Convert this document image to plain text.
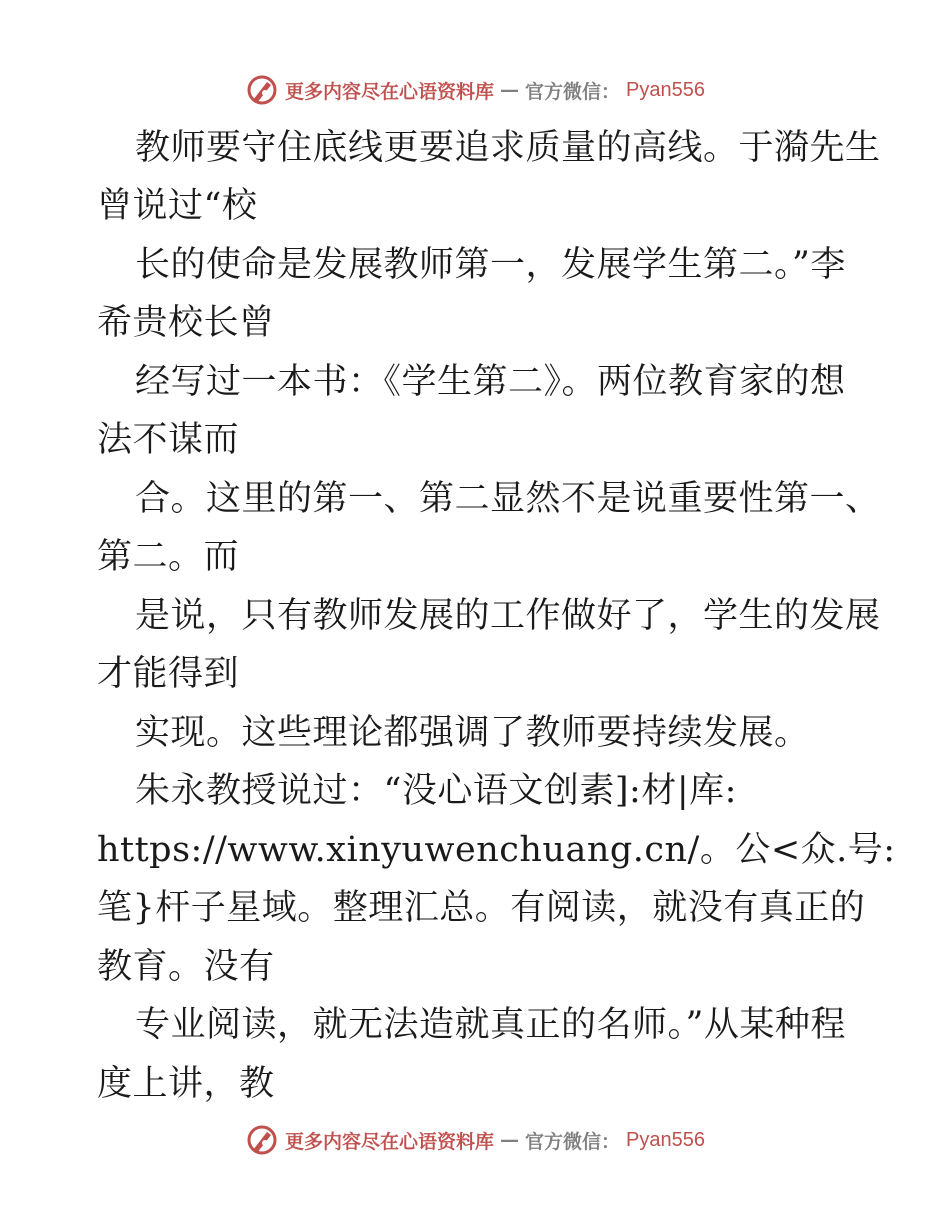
更多内容尽在心语资料库 — 官方微信： Pyan556
教师要守住底线更要追求质量的高线。于漪先生
曾说过“校
长的使命是发展教师第一，发展学生第二。”李
希贵校长曾
经写过一本书：《学生第二》。两位教育家的想
法不谋而
合。这里的第一、第二显然不是说重要性第一、
第二。而
是说，只有教师发展的工作做好了，学生的发展
才能得到
实现。这些理论都强调了教师要持续发展。
朱永教授说过：“没心语文创素]:材|库:
https://www.xinyuwenchuang.cn/。公<众.号:
笔}杆子星域。整理汇总。有阅读，就没有真正的
教育。没有
专业阅读，就无法造就真正的名师。”从某种程
度上讲，教
更多内容尽在心语资料库 — 官方微信： Pyan556
